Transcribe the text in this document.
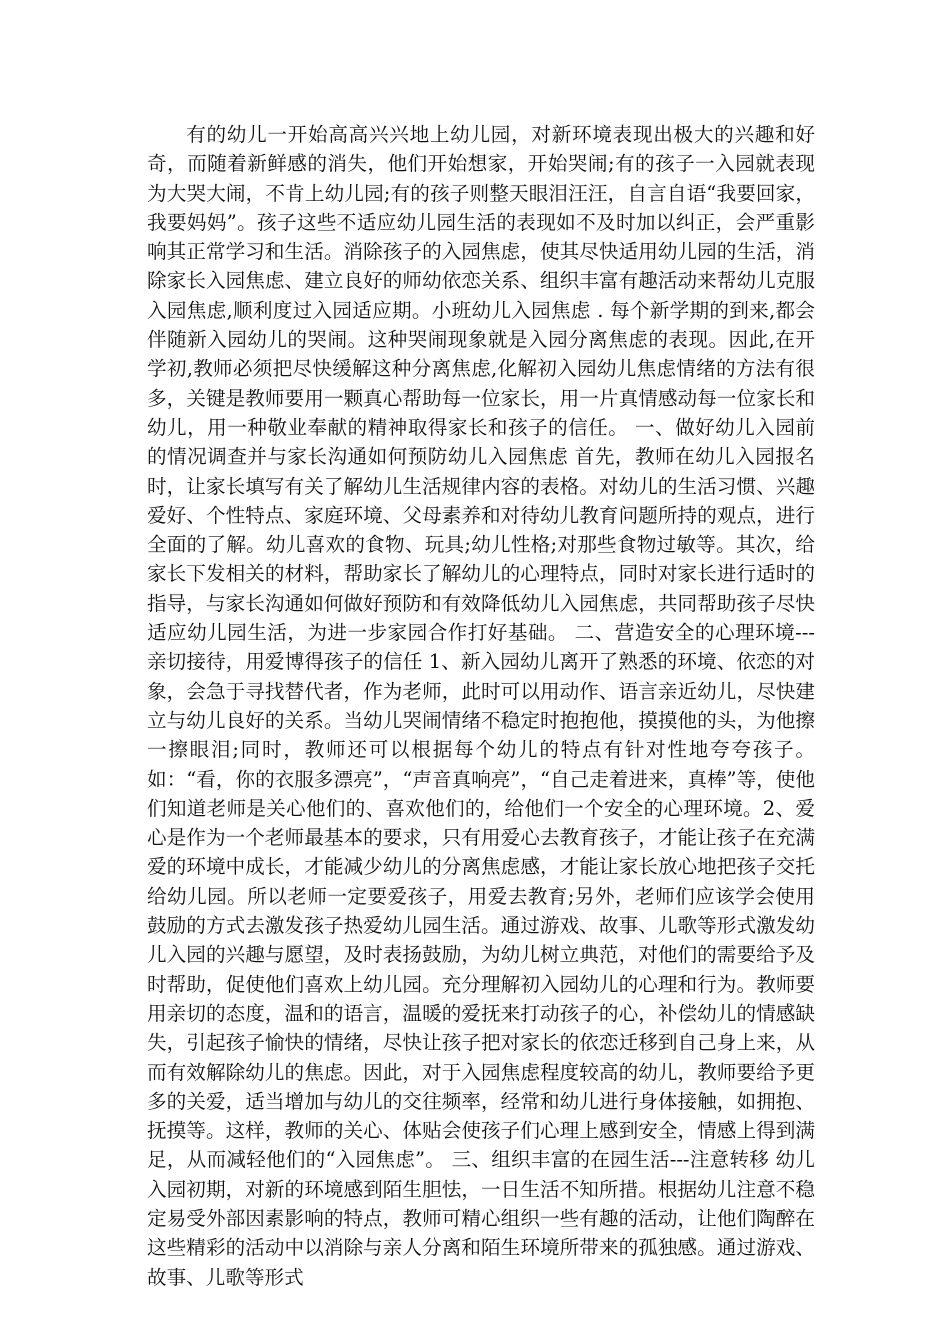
有的幼儿一开始高高兴兴地上幼儿园，对新环境表现出极大的兴趣和好奇，而随着新鲜感的消失，他们开始想家，开始哭闹;有的孩子一入园就表现为大哭大闹，不肯上幼儿园;有的孩子则整天眼泪汪汪，自言自语“我要回家，我要妈妈”。孩子这些不适应幼儿园生活的表现如不及时加以纠正，会严重影响其正常学习和生活。消除孩子的入园焦虑，使其尽快适用幼儿园的生活，消除家长入园焦虑、建立良好的师幼依恋关系、组织丰富有趣活动来帮幼儿克服入园焦虑,顺利度过入园适应期。小班幼儿入园焦虑 . 每个新学期的到来,都会伴随新入园幼儿的哭闹。这种哭闹现象就是入园分离焦虑的表现。因此,在开学初,教师必须把尽快缓解这种分离焦虑,化解初入园幼儿焦虑情绪的方法有很多，关键是教师要用一颗真心帮助每一位家长，用一片真情感动每一位家长和幼儿，用一种敬业奉献的精神取得家长和孩子的信任。 一、做好幼儿入园前的情况调查并与家长沟通如何预防幼儿入园焦虑 首先，教师在幼儿入园报名时，让家长填写有关了解幼儿生活规律内容的表格。对幼儿的生活习惯、兴趣爱好、个性特点、家庭环境、父母素养和对待幼儿教育问题所持的观点，进行全面的了解。幼儿喜欢的食物、玩具;幼儿性格;对那些食物过敏等。其次，给家长下发相关的材料，帮助家长了解幼儿的心理特点，同时对家长进行适时的指导，与家长沟通如何做好预防和有效降低幼儿入园焦虑，共同帮助孩子尽快适应幼儿园生活，为进一步家园合作打好基础。 二、营造安全的心理环境---亲切接待，用爱博得孩子的信任 1、新入园幼儿离开了熟悉的环境、依恋的对象，会急于寻找替代者，作为老师，此时可以用动作、语言亲近幼儿，尽快建立与幼儿良好的关系。当幼儿哭闹情绪不稳定时抱抱他，摸摸他的头，为他擦一擦眼泪;同时，教师还可以根据每个幼儿的特点有针对性地夸夸孩子。如：“看，你的衣服多漂亮”，“声音真响亮”，“自己走着进来，真棒”等，使他们知道老师是关心他们的、喜欢他们的，给他们一个安全的心理环境。2、爱心是作为一个老师最基本的要求，只有用爱心去教育孩子，才能让孩子在充满爱的环境中成长，才能减少幼儿的分离焦虑感，才能让家长放心地把孩子交托给幼儿园。所以老师一定要爱孩子，用爱去教育;另外，老师们应该学会使用鼓励的方式去激发孩子热爱幼儿园生活。通过游戏、故事、儿歌等形式激发幼儿入园的兴趣与愿望，及时表扬鼓励，为幼儿树立典范，对他们的需要给予及时帮助，促使他们喜欢上幼儿园。充分理解初入园幼儿的心理和行为。教师要用亲切的态度，温和的语言，温暖的爱抚来打动孩子的心，补偿幼儿的情感缺失，引起孩子愉快的情绪，尽快让孩子把对家长的依恋迁移到自己身上来，从而有效解除幼儿的焦虑。因此，对于入园焦虑程度较高的幼儿，教师要给予更多的关爱，适当增加与幼儿的交往频率，经常和幼儿进行身体接触，如拥抱、抚摸等。这样，教师的关心、体贴会使孩子们心理上感到安全，情感上得到满足，从而减轻他们的“入园焦虑”。 三、组织丰富的在园生活---注意转移 幼儿入园初期，对新的环境感到陌生胆怯，一日生活不知所措。根据幼儿注意不稳定易受外部因素影响的特点，教师可精心组织一些有趣的活动，让他们陶醉在这些精彩的活动中以消除与亲人分离和陌生环境所带来的孤独感。通过游戏、故事、儿歌等形式
